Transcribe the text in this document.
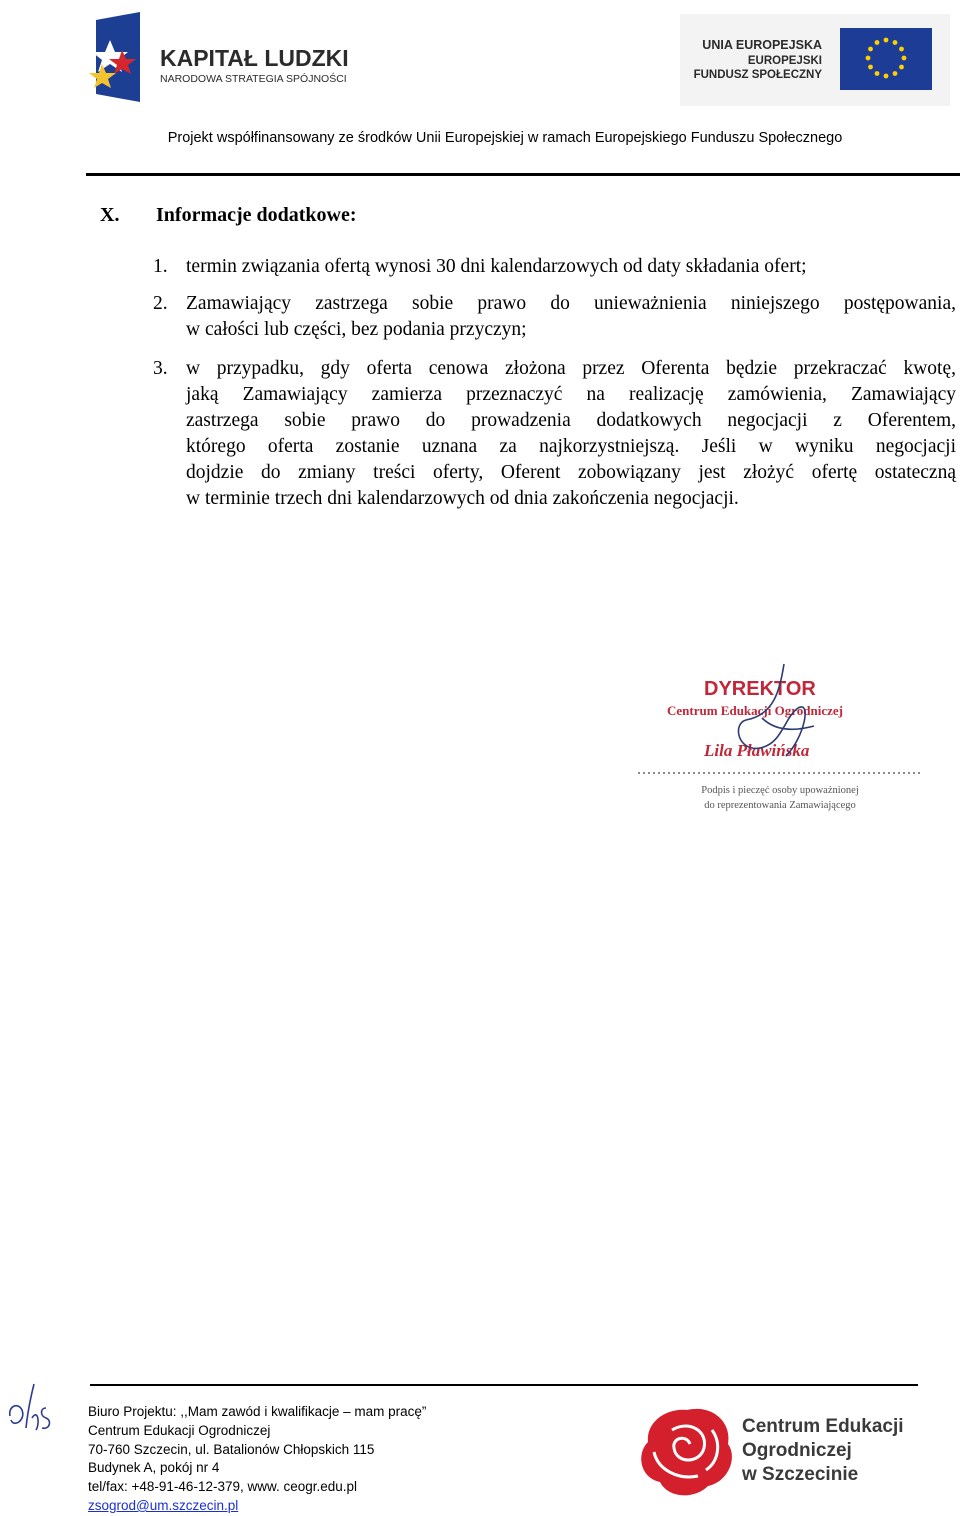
KAPITAŁ LUDZKI
NARODOWA STRATEGIA SPÓJNOŚCI
UNIA EUROPEJSKA
EUROPEJSKI
FUNDUSZ SPOŁECZNY
Projekt współfinansowany ze środków Unii Europejskiej w ramach Europejskiego Funduszu Społecznego
X. Informacje dodatkowe:
1. termin związania ofertą wynosi 30 dni kalendarzowych od daty składania ofert;
2. Zamawiający zastrzega sobie prawo do unieważnienia niniejszego postępowania,
w całości lub części, bez podania przyczyn;
3. w przypadku, gdy oferta cenowa złożona przez Oferenta będzie przekraczać kwotę,
jaką Zamawiający zamierza przeznaczyć na realizację zamówienia, Zamawiający
zastrzega sobie prawo do prowadzenia dodatkowych negocjacji z Oferentem,
którego oferta zostanie uznana za najkorzystniejszą. Jeśli w wyniku negocjacji
dojdzie do zmiany treści oferty, Oferent zobowiązany jest złożyć ofertę ostateczną
w terminie trzech dni kalendarzowych od dnia zakończenia negocjacji.
DYREKTOR
Centrum Edukacji Ogrodniczej
Lila Pławińska
Podpis i pieczęć osoby upoważnionej
do reprezentowania Zamawiającego
Biuro Projektu: ,,Mam zawód i kwalifikacje – mam pracę”
Centrum Edukacji Ogrodniczej
70-760 Szczecin, ul. Batalionów Chłopskich 115
Budynek A, pokój nr 4
tel/fax: +48-91-46-12-379, www. ceogr.edu.pl
zsogrod@um.szczecin.pl
Centrum Edukacji
Ogrodniczej
w Szczecinie
